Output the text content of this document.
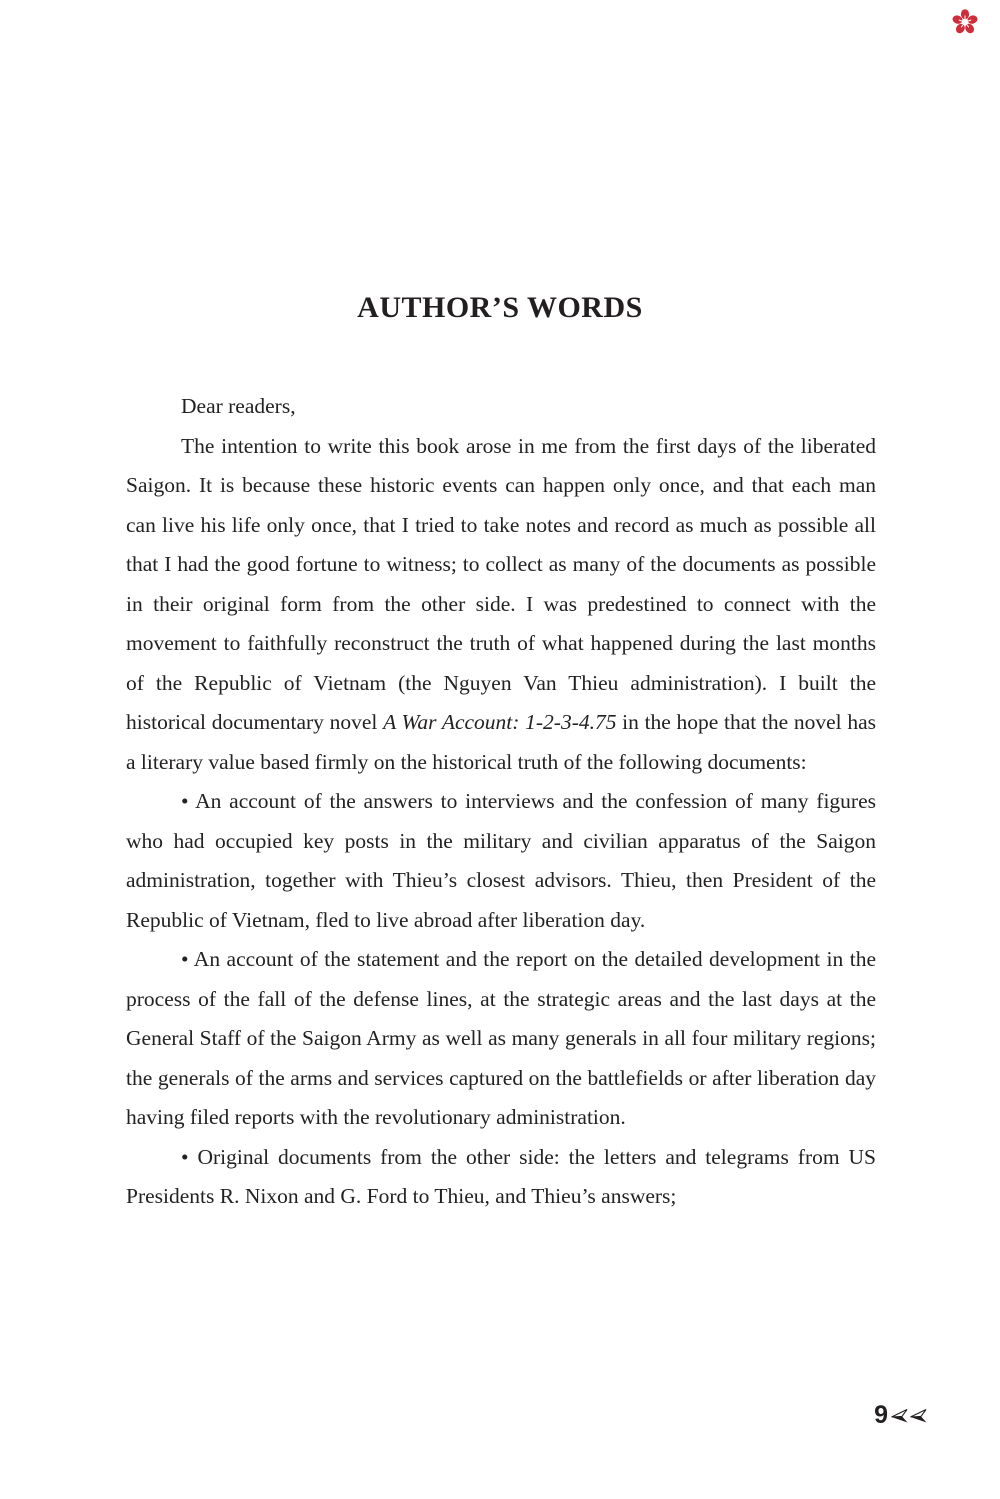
AUTHOR’S WORDS

Dear readers,

The intention to write this book arose in me from the first days of the liberated Saigon. It is because these historic events can happen only once, and that each man can live his life only once, that I tried to take notes and record as much as possible all that I had the good fortune to witness; to collect as many of the documents as possible in their original form from the other side. I was predestined to connect with the movement to faithfully reconstruct the truth of what happened during the last months of the Republic of Vietnam (the Nguyen Van Thieu administration). I built the historical documentary novel A War Account: 1-2-3-4.75 in the hope that the novel has a literary value based firmly on the historical truth of the following documents:

• An account of the answers to interviews and the confession of many figures who had occupied key posts in the military and civilian apparatus of the Saigon administration, together with Thieu’s closest advisors. Thieu, then President of the Republic of Vietnam, fled to live abroad after liberation day.

• An account of the statement and the report on the detailed development in the process of the fall of the defense lines, at the strategic areas and the last days at the General Staff of the Saigon Army as well as many generals in all four military regions; the generals of the arms and services captured on the battlefields or after liberation day having filed reports with the revolutionary administration.

• Original documents from the other side: the letters and telegrams from US Presidents R. Nixon and G. Ford to Thieu, and Thieu’s answers;

9
